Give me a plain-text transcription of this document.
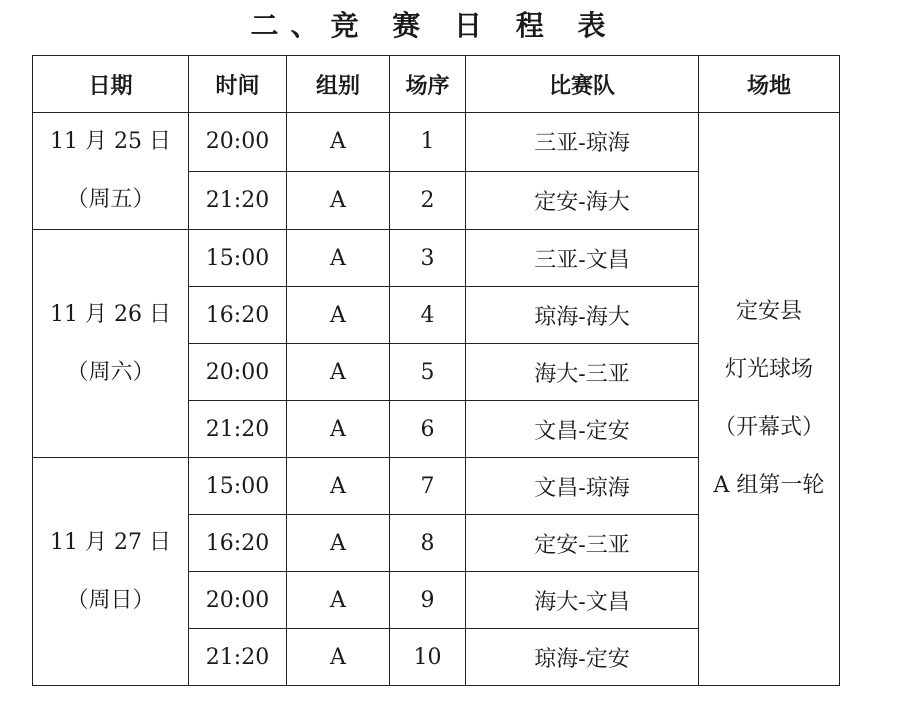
二、竞 赛 日 程 表
日期	时间	组别	场序	比赛队	场地

11 月 25 日
（周五）	20:00	A	1	三亚-琼海	定安县
灯光球场
（开幕式）
A 组第一轮

	21:20	A	2	定安-海大	

11 月 26 日
（周六）	15:00	A	3	三亚-文昌	
	16:20	A	4	琼海-海大	
	20:00	A	5	海大-三亚	
	21:20	A	6	文昌-定安	

11 月 27 日
（周日）	15:00	A	7	文昌-琼海	
	16:20	A	8	定安-三亚	
	20:00	A	9	海大-文昌	
	21:20	A	10	琼海-定安	
